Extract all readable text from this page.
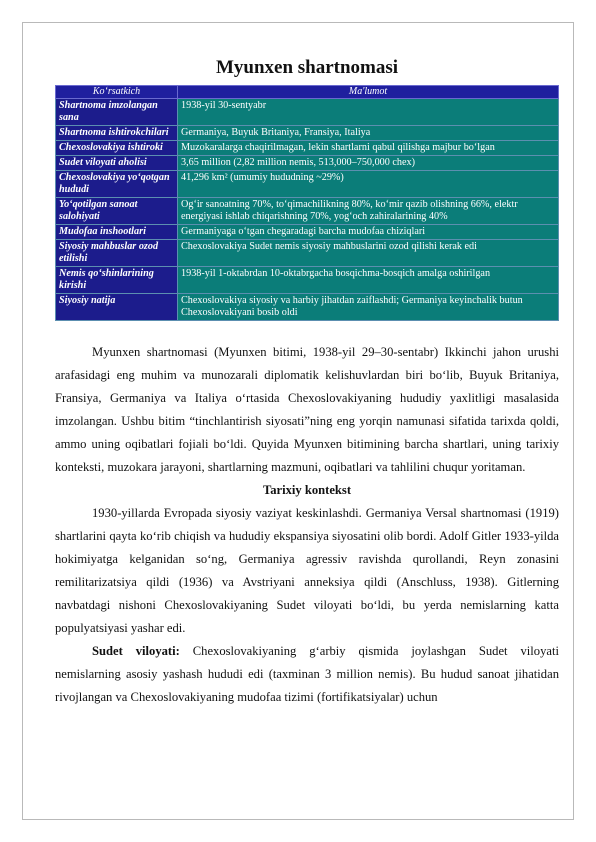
Myunxen shartnomasi
Ko‘rsatkich	Ma'lumot
Shartnoma imzolangan sana	1938-yil 30-sentyabr
Shartnoma ishtirokchilari	Germaniya, Buyuk Britaniya, Fransiya, Italiya
Chexoslovakiya ishtiroki	Muzokaralarga chaqirilmagan, lekin shartlarni qabul qilishga majbur bo‘lgan
Sudet viloyati aholisi	3,65 million (2,82 million nemis, 513,000–750,000 chex)
Chexoslovakiya yo‘qotgan hududi	41,296 km² (umumiy hududning ~29%)
Yo‘qotilgan sanoat salohiyati	Og‘ir sanoatning 70%, to‘qimachilikning 80%, ko‘mir qazib olishning 66%, elektr energiyasi ishlab chiqarishning 70%, yog‘och zahiralarining 40%
Mudofaa inshootlari	Germaniyaga o‘tgan chegaradagi barcha mudofaa chiziqlari
Siyosiy mahbuslar ozod etilishi	Chexoslovakiya Sudet nemis siyosiy mahbuslarini ozod qilishi kerak edi
Nemis qo‘shinlarining kirishi	1938-yil 1-oktabrdan 10-oktabrgacha bosqichma-bosqich amalga oshirilgan
Siyosiy natija	Chexoslovakiya siyosiy va harbiy jihatdan zaiflashdi; Germaniya keyinchalik butun Chexoslovakiyani bosib oldi

Myunxen shartnomasi (Myunxen bitimi, 1938-yil 29–30-sentabr) Ikkinchi jahon urushi arafasidagi eng muhim va munozarali diplomatik kelishuvlardan biri bo‘lib, Buyuk Britaniya, Fransiya, Germaniya va Italiya o‘rtasida Chexoslovakiyaning hududiy yaxlitligi masalasida imzolangan. Ushbu bitim “tinchlantirish siyosati”ning eng yorqin namunasi sifatida tarixda qoldi, ammo uning oqibatlari fojiali bo‘ldi. Quyida Myunxen bitimining barcha shartlari, uning tarixiy konteksti, muzokara jarayoni, shartlarning mazmuni, oqibatlari va tahlilini chuqur yoritaman.

Tarixiy kontekst

1930-yillarda Evropada siyosiy vaziyat keskinlashdi. Germaniya Versal shartnomasi (1919) shartlarini qayta ko‘rib chiqish va hududiy ekspansiya siyosatini olib bordi. Adolf Gitler 1933-yilda hokimiyatga kelganidan so‘ng, Germaniya agressiv ravishda qurollandi, Reyn zonasini remilitarizatsiya qildi (1936) va Avstriyani anneksiya qildi (Anschluss, 1938). Gitlerning navbatdagi nishoni Chexoslovakiyaning Sudet viloyati bo‘ldi, bu yerda nemislarning katta populyatsiyasi yashar edi.

Sudet viloyati: Chexoslovakiyaning g‘arbiy qismida joylashgan Sudet viloyati nemislarning asosiy yashash hududi edi (taxminan 3 million nemis). Bu hudud sanoat jihatidan rivojlangan va Chexoslovakiyaning mudofaa tizimi (fortifikatsiyalar) uchun
